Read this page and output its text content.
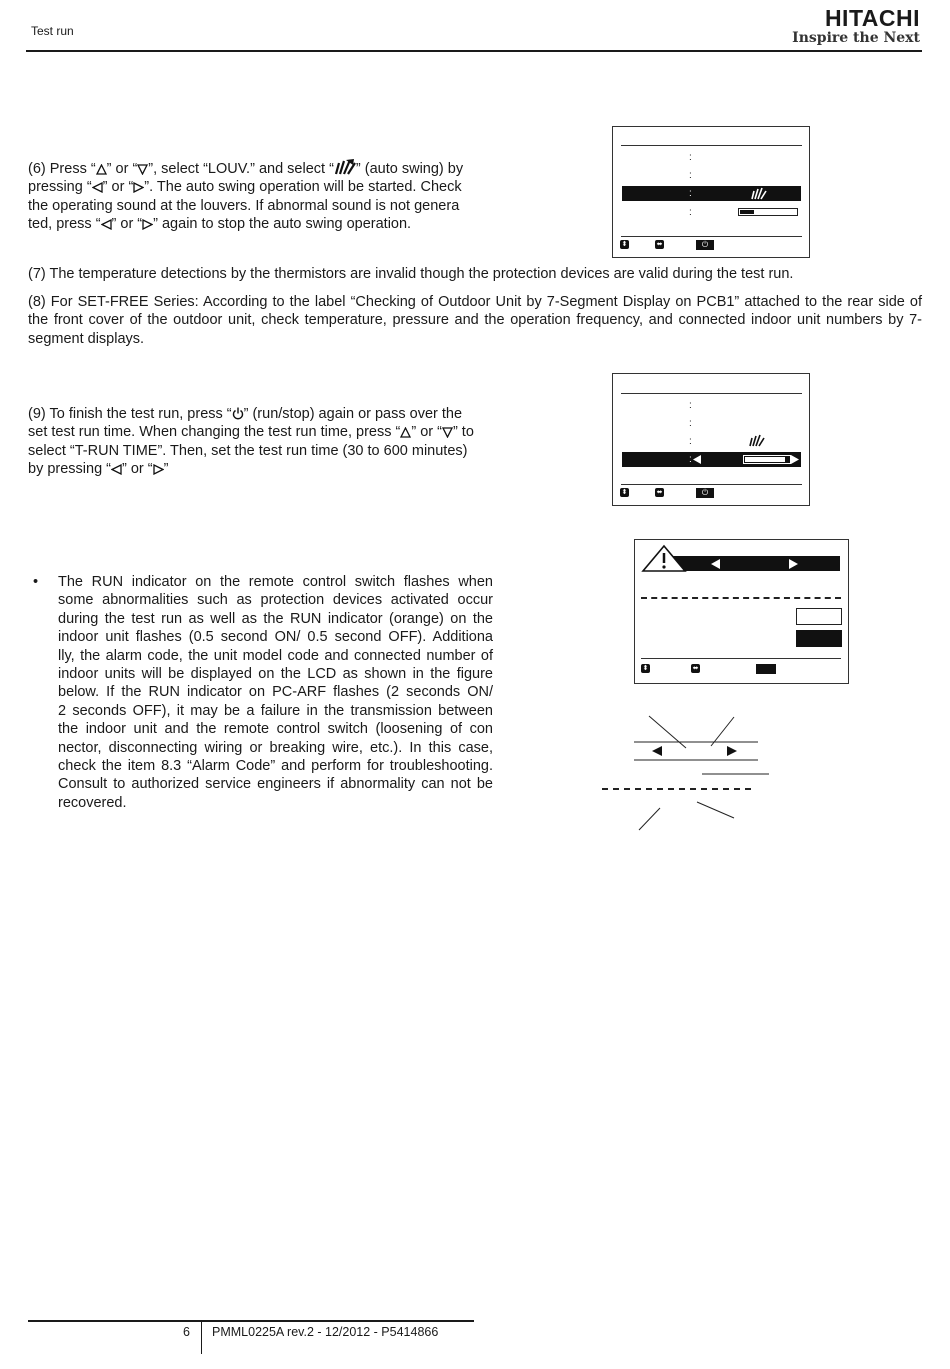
Test run	HITACHI
Inspire the Next
(6) Press “ ” or “ ”, select “LOUV.” and select “ ” (auto swing) by
pressing “ ” or “ ”. The auto swing operation will be started. Check
the operating sound at the louvers. If abnormal sound is not genera
ted, press “ ” or “ ” again to stop the auto swing operation.
:
:
:
:
⬍	⬌	⏻
(7) The temperature detections by the thermistors are invalid though the protection devices are valid during the test run.
(8) For SET-FREE Series: According to the label “Checking of Outdoor Unit by 7-Segment Display on PCB1” attached to the rear side of the front cover of the outdoor unit, check temperature, pressure and the operation frequency, and connected indoor unit numbers by 7-segment displays.
(9) To finish the test run, press “ ” (run/stop) again or pass over the
set test run time. When changing the test run time, press “ ” or “ ” to
select “T-RUN TIME”. Then, set the test run time (30 to 600 minutes)
by pressing “ ” or “ ”
:
:
:
:
⬍	⬌	⏻
• The RUN indicator on the remote control switch flashes when
some abnormalities such as protection devices activated occur
during the test run as well as the RUN indicator (orange) on the
indoor unit flashes (0.5 second ON/ 0.5 second OFF). Additiona
lly, the alarm code, the unit model code and connected number of
indoor units will be displayed on the LCD as shown in the figure
below. If the RUN indicator on PC-ARF flashes (2 seconds ON/
2 seconds OFF), it may be a failure in the transmission between
the indoor unit and the remote control switch (loosening of con
nector, disconnecting wiring or breaking wire, etc.). In this case,
check the item 8.3 “Alarm Code” and perform for troubleshooting.
Consult to authorized service engineers if abnormality can not be
recovered.
⬍	⬌
6 PMML0225A rev.2 - 12/2012 - P5414866
